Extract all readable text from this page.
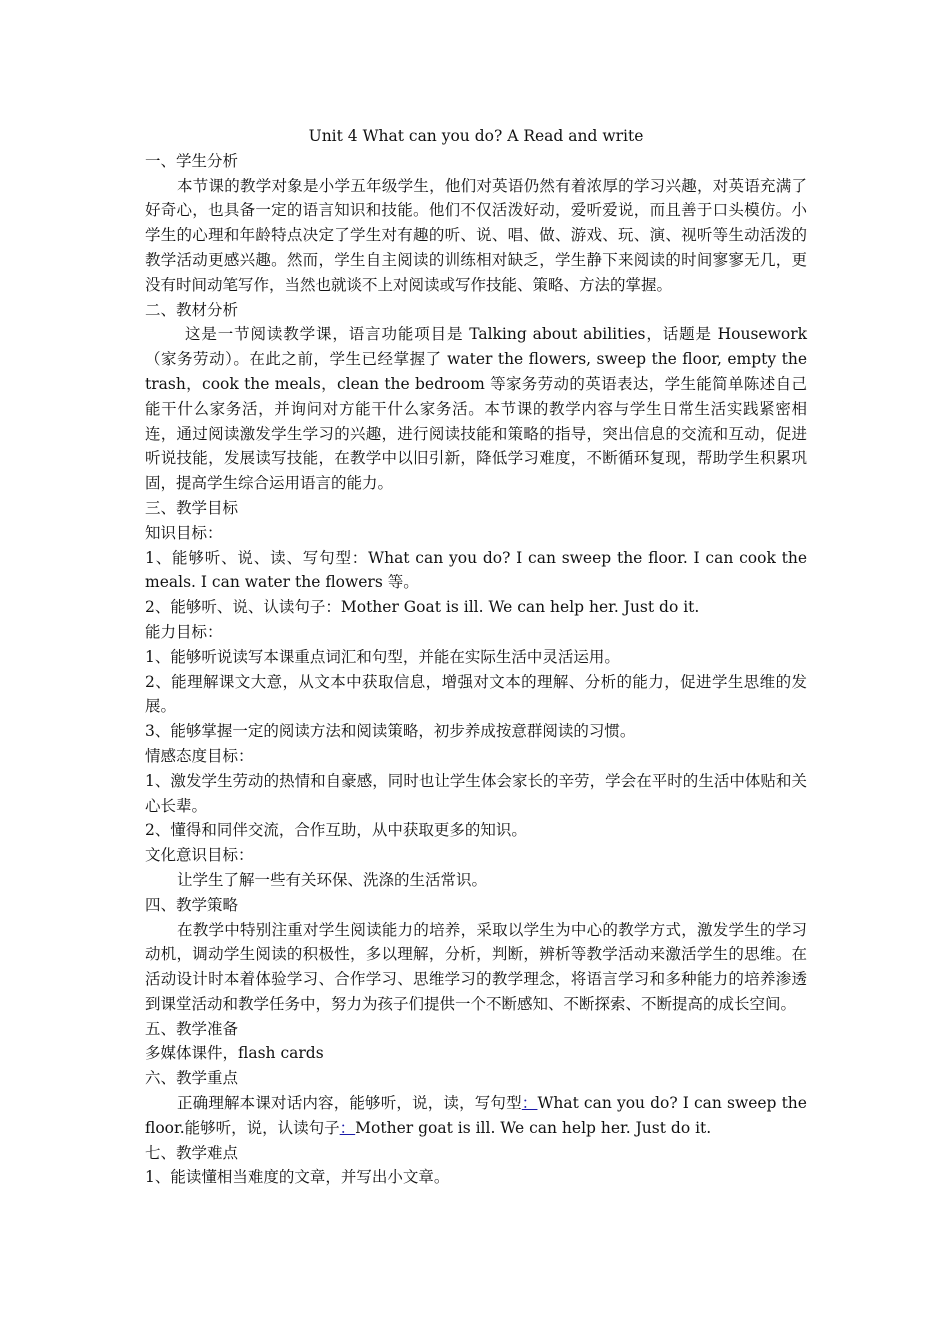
Unit 4 What can you do? A Read and write

一、学生分析

本节课的教学对象是小学五年级学生，他们对英语仍然有着浓厚的学习兴趣，对英语充满了好奇心，也具备一定的语言知识和技能。他们不仅活泼好动，爱听爱说，而且善于口头模仿。小学生的心理和年龄特点决定了学生对有趣的听、说、唱、做、游戏、玩、演、视听等生动活泼的教学活动更感兴趣。然而，学生自主阅读的训练相对缺乏，学生静下来阅读的时间寥寥无几，更没有时间动笔写作，当然也就谈不上对阅读或写作技能、策略、方法的掌握。

二、教材分析

这是一节阅读教学课，语言功能项目是 Talking about abilities，话题是 Housework（家务劳动）。在此之前，学生已经掌握了 water the flowers, sweep the floor, empty the trash，cook the meals，clean the bedroom 等家务劳动的英语表达，学生能简单陈述自己能干什么家务活，并询问对方能干什么家务活。本节课的教学内容与学生日常生活实践紧密相连，通过阅读激发学生学习的兴趣，进行阅读技能和策略的指导，突出信息的交流和互动，促进听说技能，发展读写技能，在教学中以旧引新，降低学习难度，不断循环复现，帮助学生积累巩固，提高学生综合运用语言的能力。

三、教学目标

知识目标：

1、能够听、说、读、写句型：What can you do? I can sweep the floor. I can cook the meals. I can water the flowers 等。

2、能够听、说、认读句子：Mother Goat is ill. We can help her. Just do it.

能力目标：

1、能够听说读写本课重点词汇和句型，并能在实际生活中灵活运用。

2、能理解课文大意，从文本中获取信息，增强对文本的理解、分析的能力，促进学生思维的发展。

3、能够掌握一定的阅读方法和阅读策略，初步养成按意群阅读的习惯。

情感态度目标：

1、激发学生劳动的热情和自豪感，同时也让学生体会家长的辛劳，学会在平时的生活中体贴和关心长辈。

2、懂得和同伴交流，合作互助，从中获取更多的知识。

文化意识目标：

让学生了解一些有关环保、洗涤的生活常识。

四、教学策略

在教学中特别注重对学生阅读能力的培养，采取以学生为中心的教学方式，激发学生的学习动机，调动学生阅读的积极性，多以理解，分析，判断，辨析等教学活动来激活学生的思维。在活动设计时本着体验学习、合作学习、思维学习的教学理念，将语言学习和多种能力的培养渗透到课堂活动和教学任务中，努力为孩子们提供一个不断感知、不断探索、不断提高的成长空间。

五、教学准备

多媒体课件，flash cards

六、教学重点

正确理解本课对话内容，能够听，说，读，写句型：What can you do? I can sweep the floor.能够听，说，认读句子：Mother goat is ill. We can help her. Just do it.

七、教学难点

1、能读懂相当难度的文章，并写出小文章。
